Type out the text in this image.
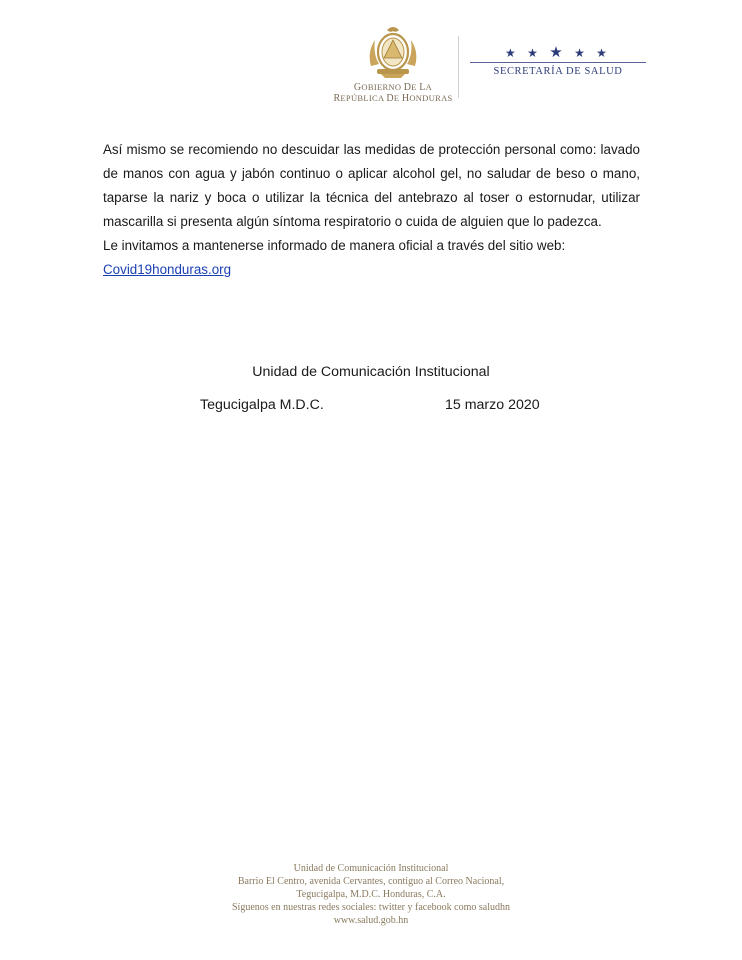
GOBIERNO DE LA
REPÚBLICA DE HONDURAS
★ ★ ★ ★ ★
SECRETARÍA DE SALUD

Así mismo se recomiendo no descuidar las medidas de protección personal como: lavado de manos con agua y jabón continuo o aplicar alcohol gel, no saludar de beso o mano, taparse la nariz y boca o utilizar la técnica del antebrazo al toser o estornudar, utilizar mascarilla si presenta algún síntoma respiratorio o cuida de alguien que lo padezca.

Le invitamos a mantenerse informado de manera oficial a través del sitio web:

Covid19honduras.org

Unidad de Comunicación Institucional
Tegucigalpa M.D.C.	15 marzo 2020
Unidad de Comunicación Institucional
Barrio El Centro, avenida Cervantes, contiguo al Correo Nacional,
Tegucigalpa, M.D.C. Honduras, C.A.
Síguenos en nuestras redes sociales: twitter y facebook como saludhn
www.salud.gob.hn
